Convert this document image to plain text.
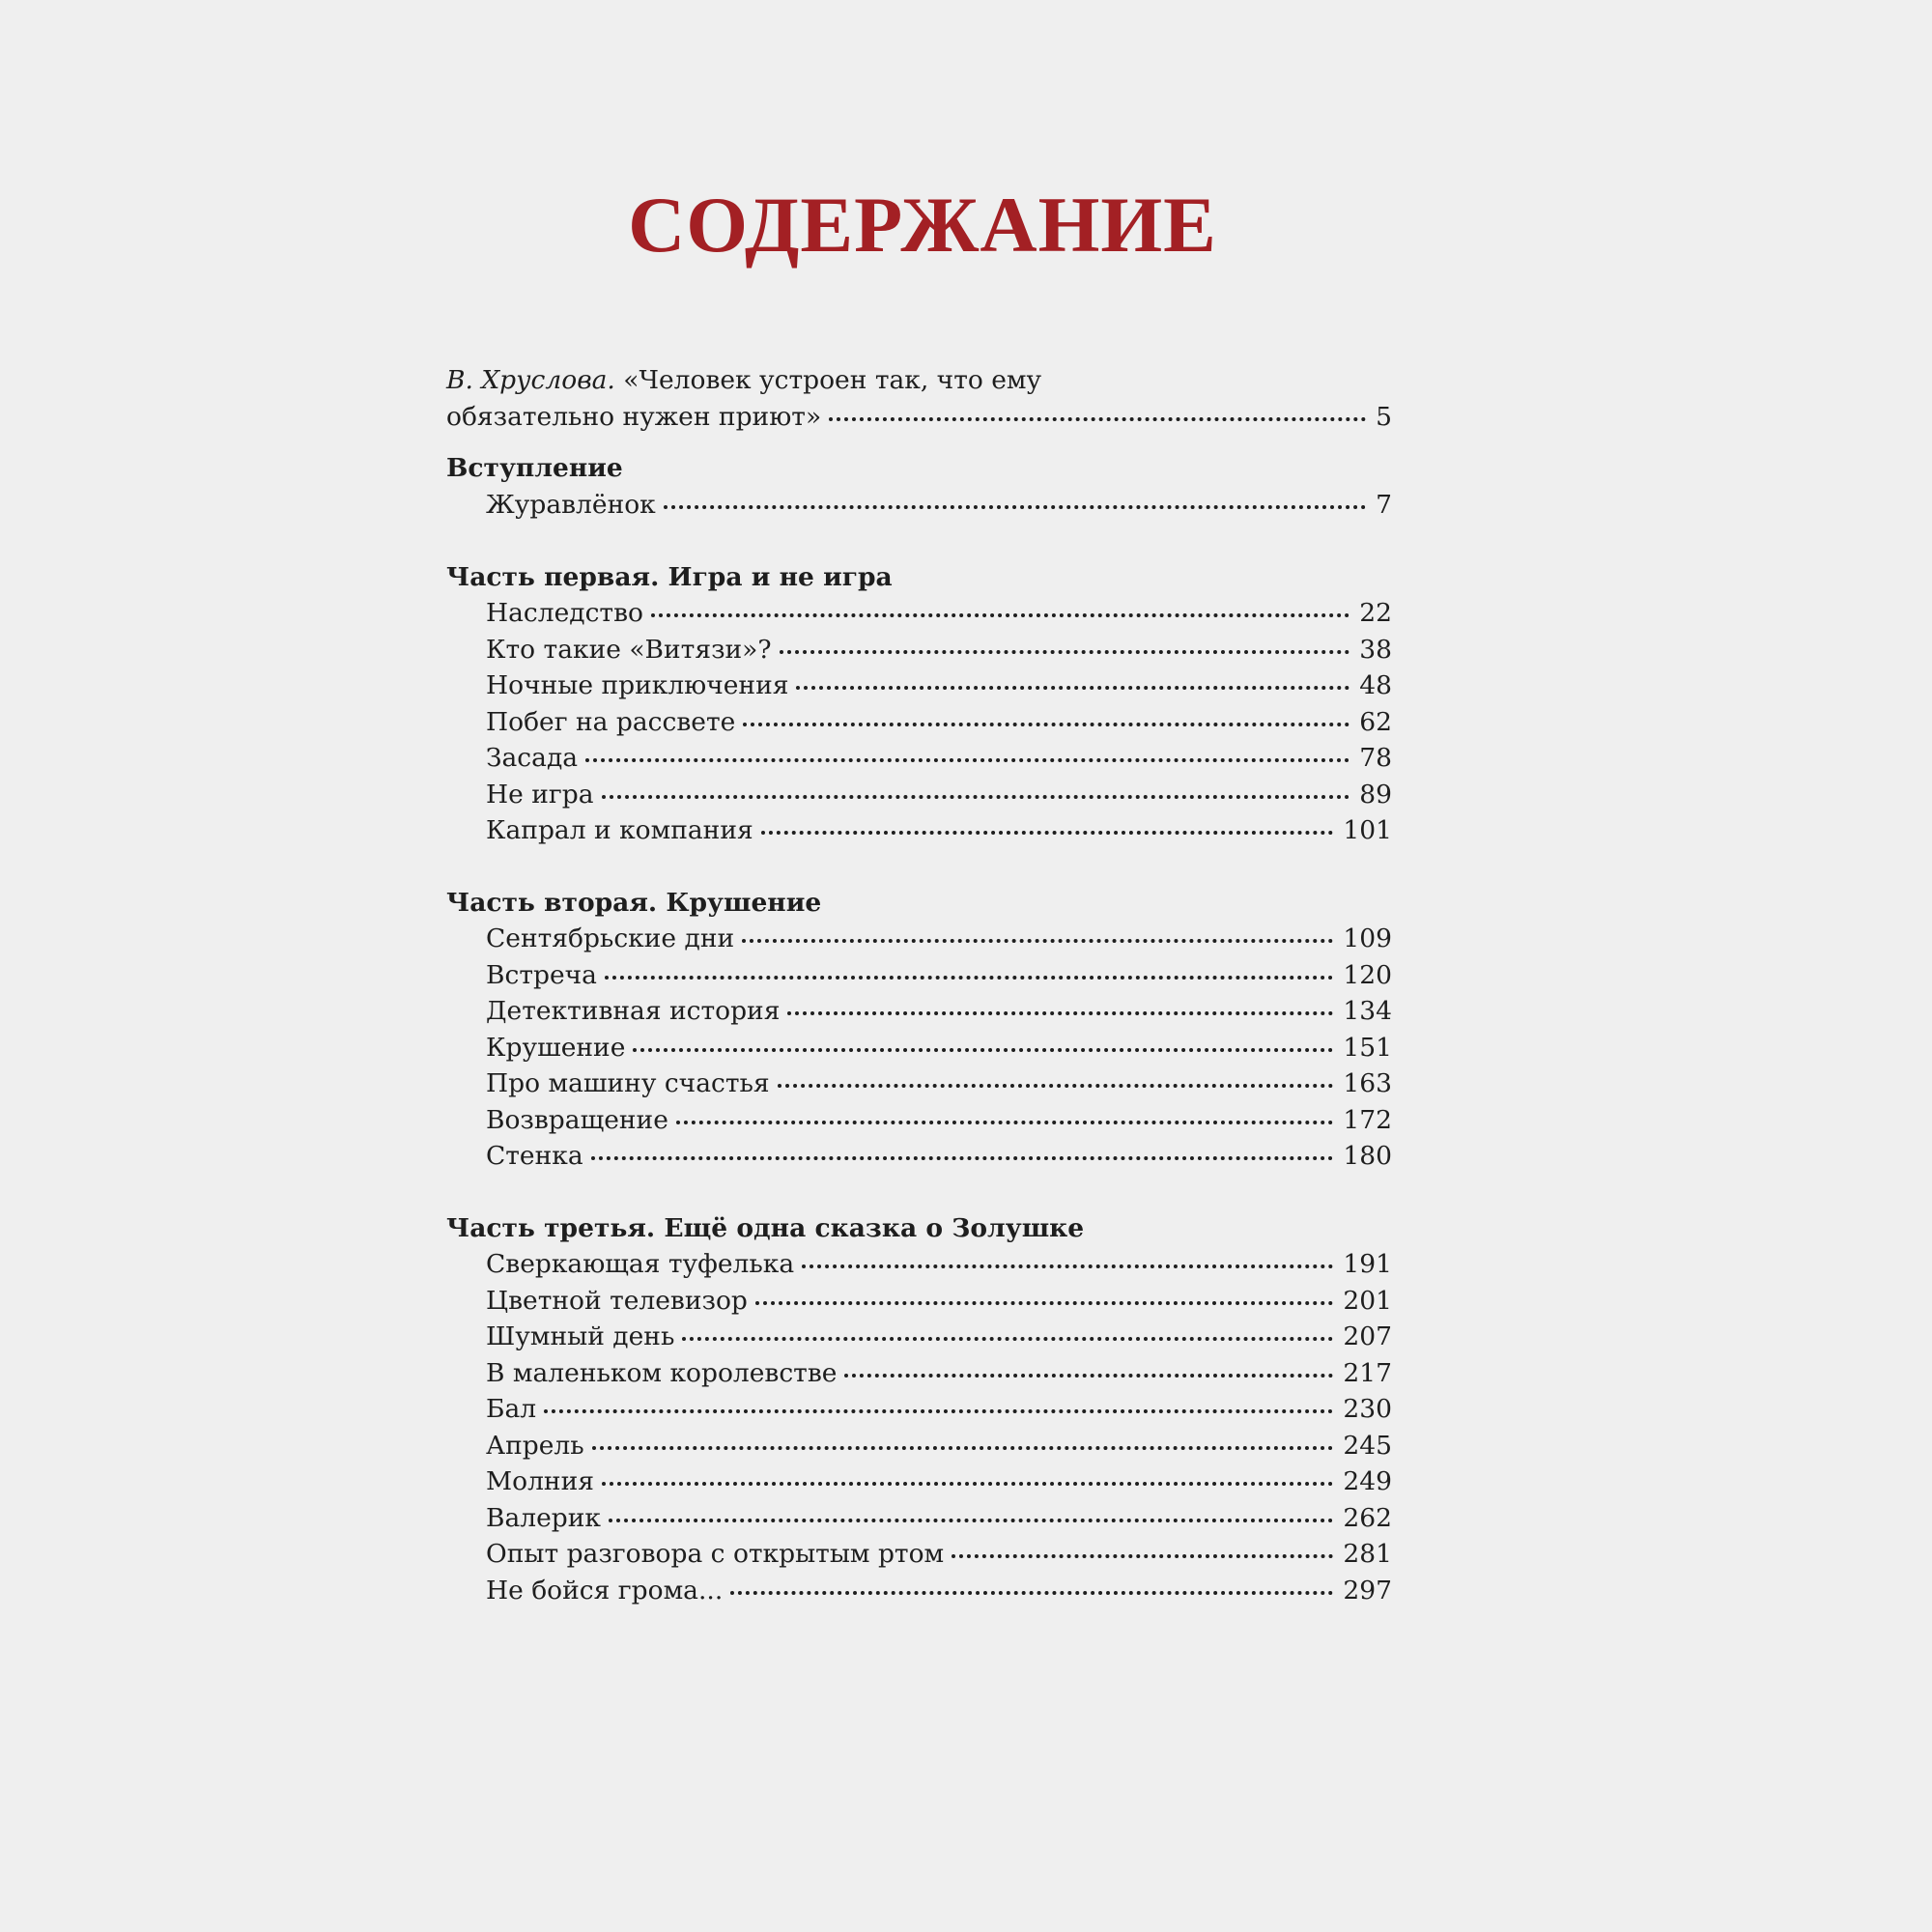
СОДЕРЖАНИЕ
В. Хруслова. «Человек устроен так, что ему
обязательно нужен приют»	5
Вступление
Журавлёнок	7
Часть первая. Игра и не игра
Наследство	22
Кто такие «Витязи»?	38
Ночные приключения	48
Побег на рассвете	62
Засада	78
Не игра	89
Капрал и компания	101
Часть вторая. Крушение
Сентябрьские дни	109
Встреча	120
Детективная история	134
Крушение	151
Про машину счастья	163
Возвращение	172
Стенка	180
Часть третья. Ещё одна сказка о Золушке
Сверкающая туфелька	191
Цветной телевизор	201
Шумный день	207
В маленьком королевстве	217
Бал	230
Апрель	245
Молния	249
Валерик	262
Опыт разговора с открытым ртом	281
Не бойся грома...	297
